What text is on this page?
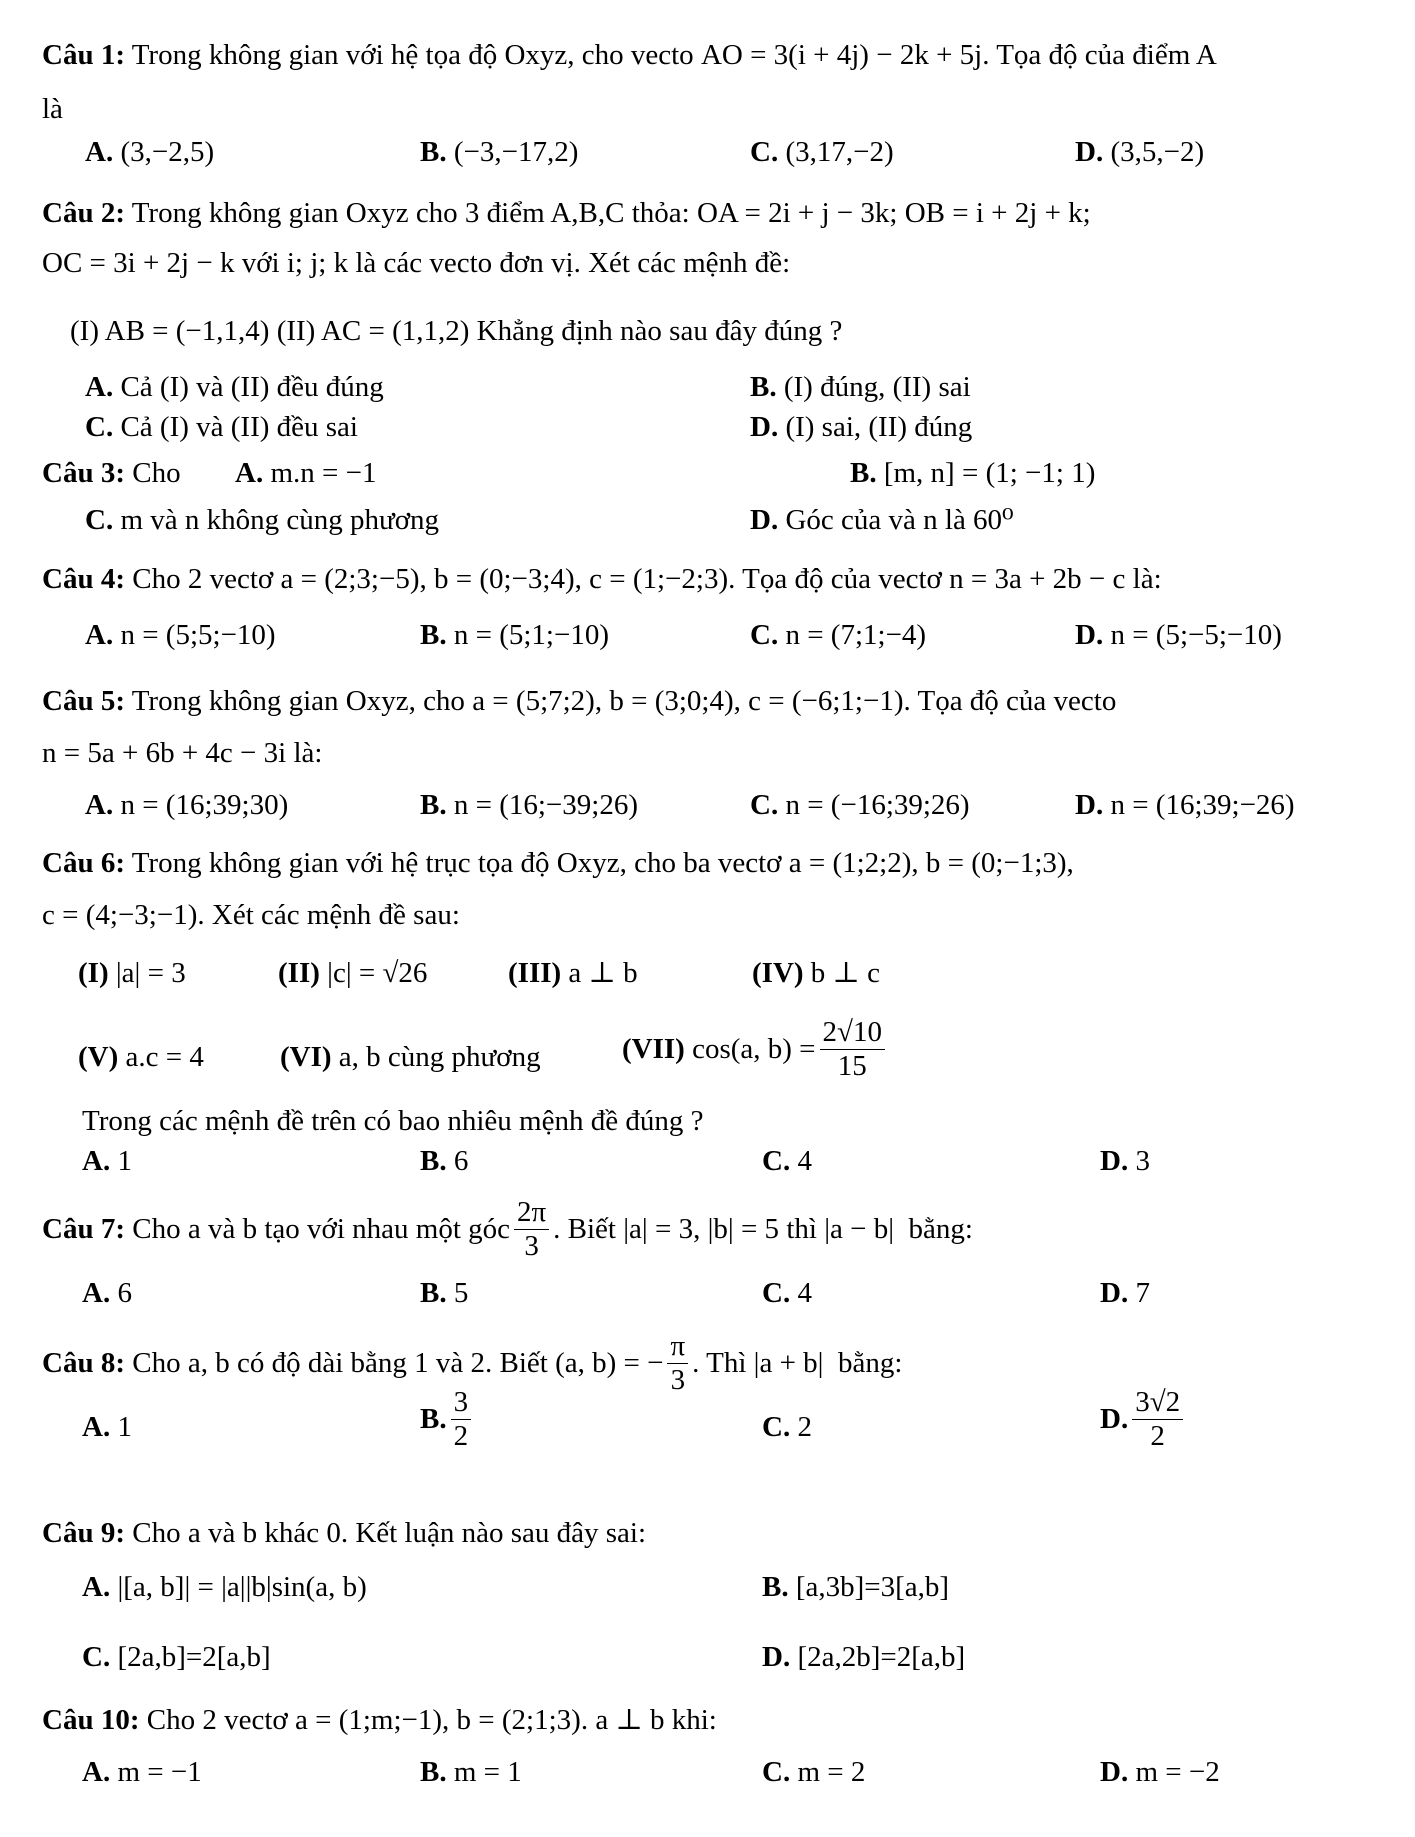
Câu 1: Trong không gian với hệ tọa độ Oxyz, cho vecto AO = 3(i + 4j) − 2k + 5j. Tọa độ của điểm A
là
A. (3,−2,5)	B. (−3,−17,2)	C. (3,17,−2)	D. (3,5,−2)
Câu 2: Trong không gian Oxyz cho 3 điểm A,B,C thỏa: OA = 2i + j − 3k; OB = i + 2j + k;
OC = 3i + 2j − k với i; j; k là các vecto đơn vị. Xét các mệnh đề:
(I) AB = (−1,1,4) (II) AC = (1,1,2) Khẳng định nào sau đây đúng ?
A. Cả (I) và (II) đều đúng	B. (I) đúng, (II) sai
C. Cả (I) và (II) đều sai	D. (I) sai, (II) đúng
Câu 3: Cho A. m.n = −1	B. [m, n] = (1; −1; 1)
C. m và n không cùng phương	D. Góc của và n là 60⁰
Câu 4: Cho 2 vectơ a = (2;3;−5), b = (0;−3;4), c = (1;−2;3). Tọa độ của vectơ n = 3a + 2b − c là:
A. n = (5;5;−10)	B. n = (5;1;−10)	C. n = (7;1;−4)	D. n = (5;−5;−10)
Câu 5: Trong không gian Oxyz, cho a = (5;7;2), b = (3;0;4), c = (−6;1;−1). Tọa độ của vecto
n = 5a + 6b + 4c − 3i là:
A. n = (16;39;30)	B. n = (16;−39;26)	C. n = (−16;39;26)	D. n = (16;39;−26)
Câu 6: Trong không gian với hệ trục tọa độ Oxyz, cho ba vectơ a = (1;2;2), b = (0;−1;3),
c = (4;−3;−1). Xét các mệnh đề sau:
(I) |a| = 3	(II) |c| = √26	(III) a ⊥ b	(IV) b ⊥ c
(V) a.c = 4	(VI) a, b cùng phương	(VII)
cos(a, $b) = \frac{2√10}{15}$
Trong các mệnh đề trên có bao nhiêu mệnh đề đúng ?
A. 1	B. 6	C. 4	D. 3
Câu 7:
Cho a và b tạo với nhau một góc $\frac{2\pi}{3}$ . Biết
|a| = 3, |b| = 5
thì
|a − b|
bằng:
A. 6	B. 5	C. 4	D. 7
Câu 8:
Cho a, b có độ dài bằng 1 và 2. Biết
(a, b) = − $\frac{\pi}{3}$ . Thì
|a + b|
bằng:
A. 1	B. $\frac{3}{2}$	C. 2	D. $\frac{3√2}{2}$
Câu 9: Cho a và b khác 0. Kết luận nào sau đây sai:
A. |[a, b]| = |a||b|sin(a, b)	B. [a,3b]=3[a,b]
C. [2a,b]=2[a,b]	D. [2a,2b]=2[a,b]
Câu 10: Cho 2 vectơ a = (1;m;−1), b = (2;1;3). a ⊥ b khi:
A. m = −1	B. m = 1	C. m = 2	D. m = −2
